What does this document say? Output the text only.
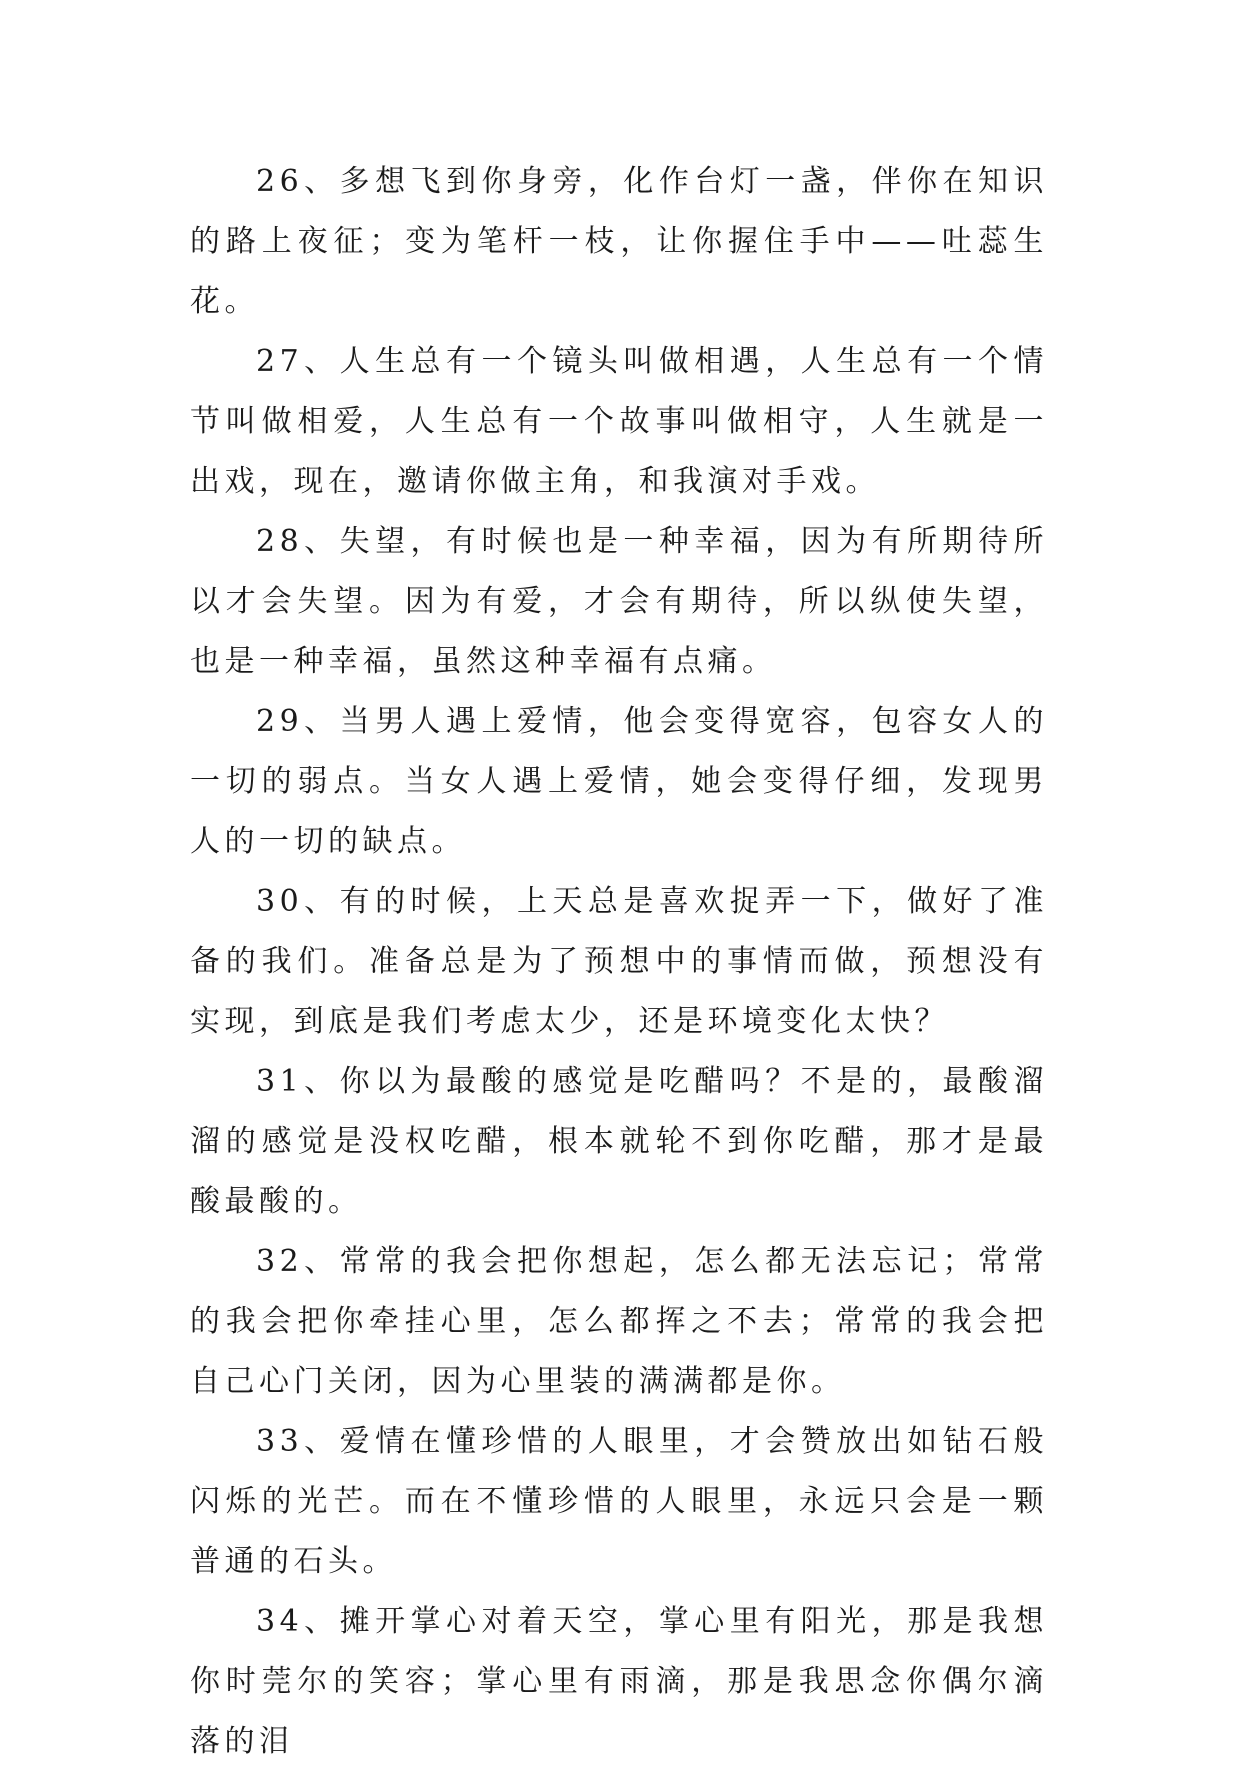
26、多想飞到你身旁，化作台灯一盏，伴你在知识的路上夜征；变为笔杆一枝，让你握住手中——吐蕊生花。

27、人生总有一个镜头叫做相遇，人生总有一个情节叫做相爱，人生总有一个故事叫做相守，人生就是一出戏，现在，邀请你做主角，和我演对手戏。

28、失望，有时候也是一种幸福，因为有所期待所以才会失望。因为有爱，才会有期待，所以纵使失望，也是一种幸福，虽然这种幸福有点痛。

29、当男人遇上爱情，他会变得宽容，包容女人的一切的弱点。当女人遇上爱情，她会变得仔细，发现男人的一切的缺点。

30、有的时候，上天总是喜欢捉弄一下，做好了准备的我们。准备总是为了预想中的事情而做，预想没有实现，到底是我们考虑太少，还是环境变化太快？

31、你以为最酸的感觉是吃醋吗？不是的，最酸溜溜的感觉是没权吃醋，根本就轮不到你吃醋，那才是最酸最酸的。

32、常常的我会把你想起，怎么都无法忘记；常常的我会把你牵挂心里，怎么都挥之不去；常常的我会把自己心门关闭，因为心里装的满满都是你。

33、爱情在懂珍惜的人眼里，才会赞放出如钻石般闪烁的光芒。而在不懂珍惜的人眼里，永远只会是一颗普通的石头。

34、摊开掌心对着天空，掌心里有阳光，那是我想你时莞尔的笑容；掌心里有雨滴，那是我思念你偶尔滴落的泪
